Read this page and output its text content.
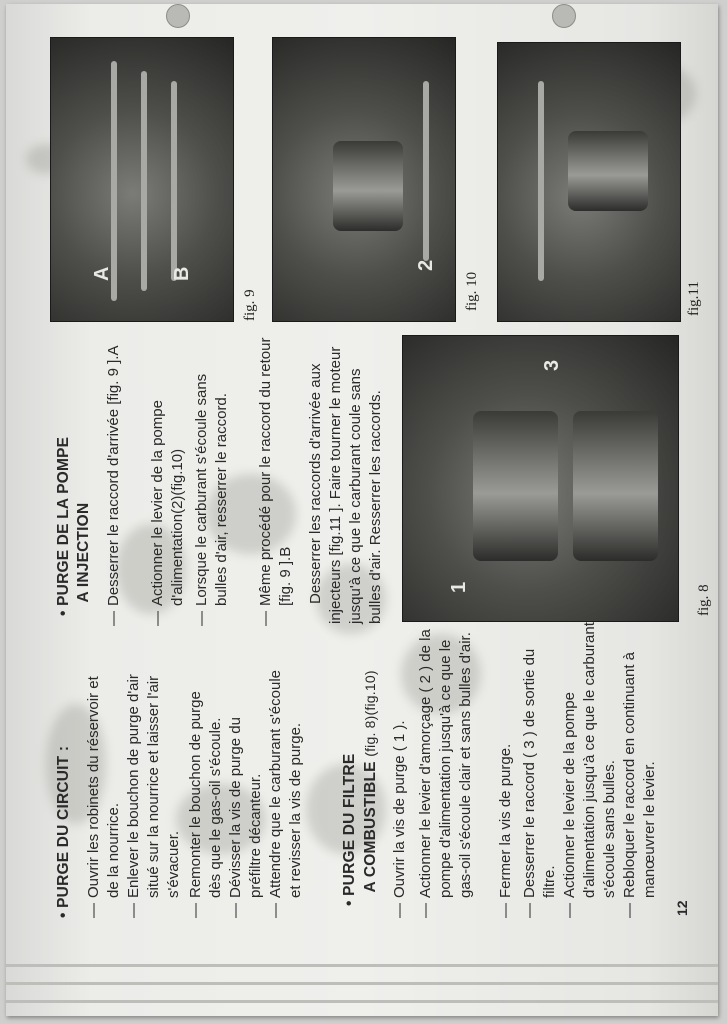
A	B
fig. 9
2
fig. 10	fig.11
1
3
fig. 8
• PURGE DU CIRCUIT :
—
Ouvrir les robinets du réservoir et de la nourrice.
—
Enlever le bouchon de purge d'air situé sur la nourrice et laisser l'air s'évacuer.
—
Remonter le bouchon de purge dès que le gas-oil s'écoule.
—
Dévisser la vis de purge du préfiltre décanteur.
—
Attendre que le carburant s'écoule et revisser la vis de purge.
• PURGE DU FILTRE A COMBUSTIBLE (fig. 8)(fig.10)
—
Ouvrir la vis de purge ( 1 ).
—
Actionner le levier d'amorçage ( 2 ) de la pompe d'alimentation jusqu'à ce que le gas-oil s'écoule clair et sans bulles d'air.
—
Fermer la vis de purge.
—
Desserrer le raccord ( 3 ) de sortie du filtre.
—
Actionner le levier de la pompe d'alimentation jusqu'à ce que le carburant s'écoule sans bulles.
—
Rebloquer le raccord en continuant à manœuvrer le levier.
• PURGE DE LA POMPE A INJECTION
—
Desserrer le raccord d'arrivée [fig. 9 ].A
—
Actionner le levier de la pompe d'alimentation(2)(fig.10)
—
Lorsque le carburant s'écoule sans bulles d'air, resserrer le raccord.
—
Même procédé pour le raccord du retour [fig. 9 ].B Desserrer les raccords d'arrivée aux injecteurs [fig.11 ]. Faire tourner le moteur jusqu'à ce que le carburant coule sans bulles d'air. Resserrer les raccords.
12
